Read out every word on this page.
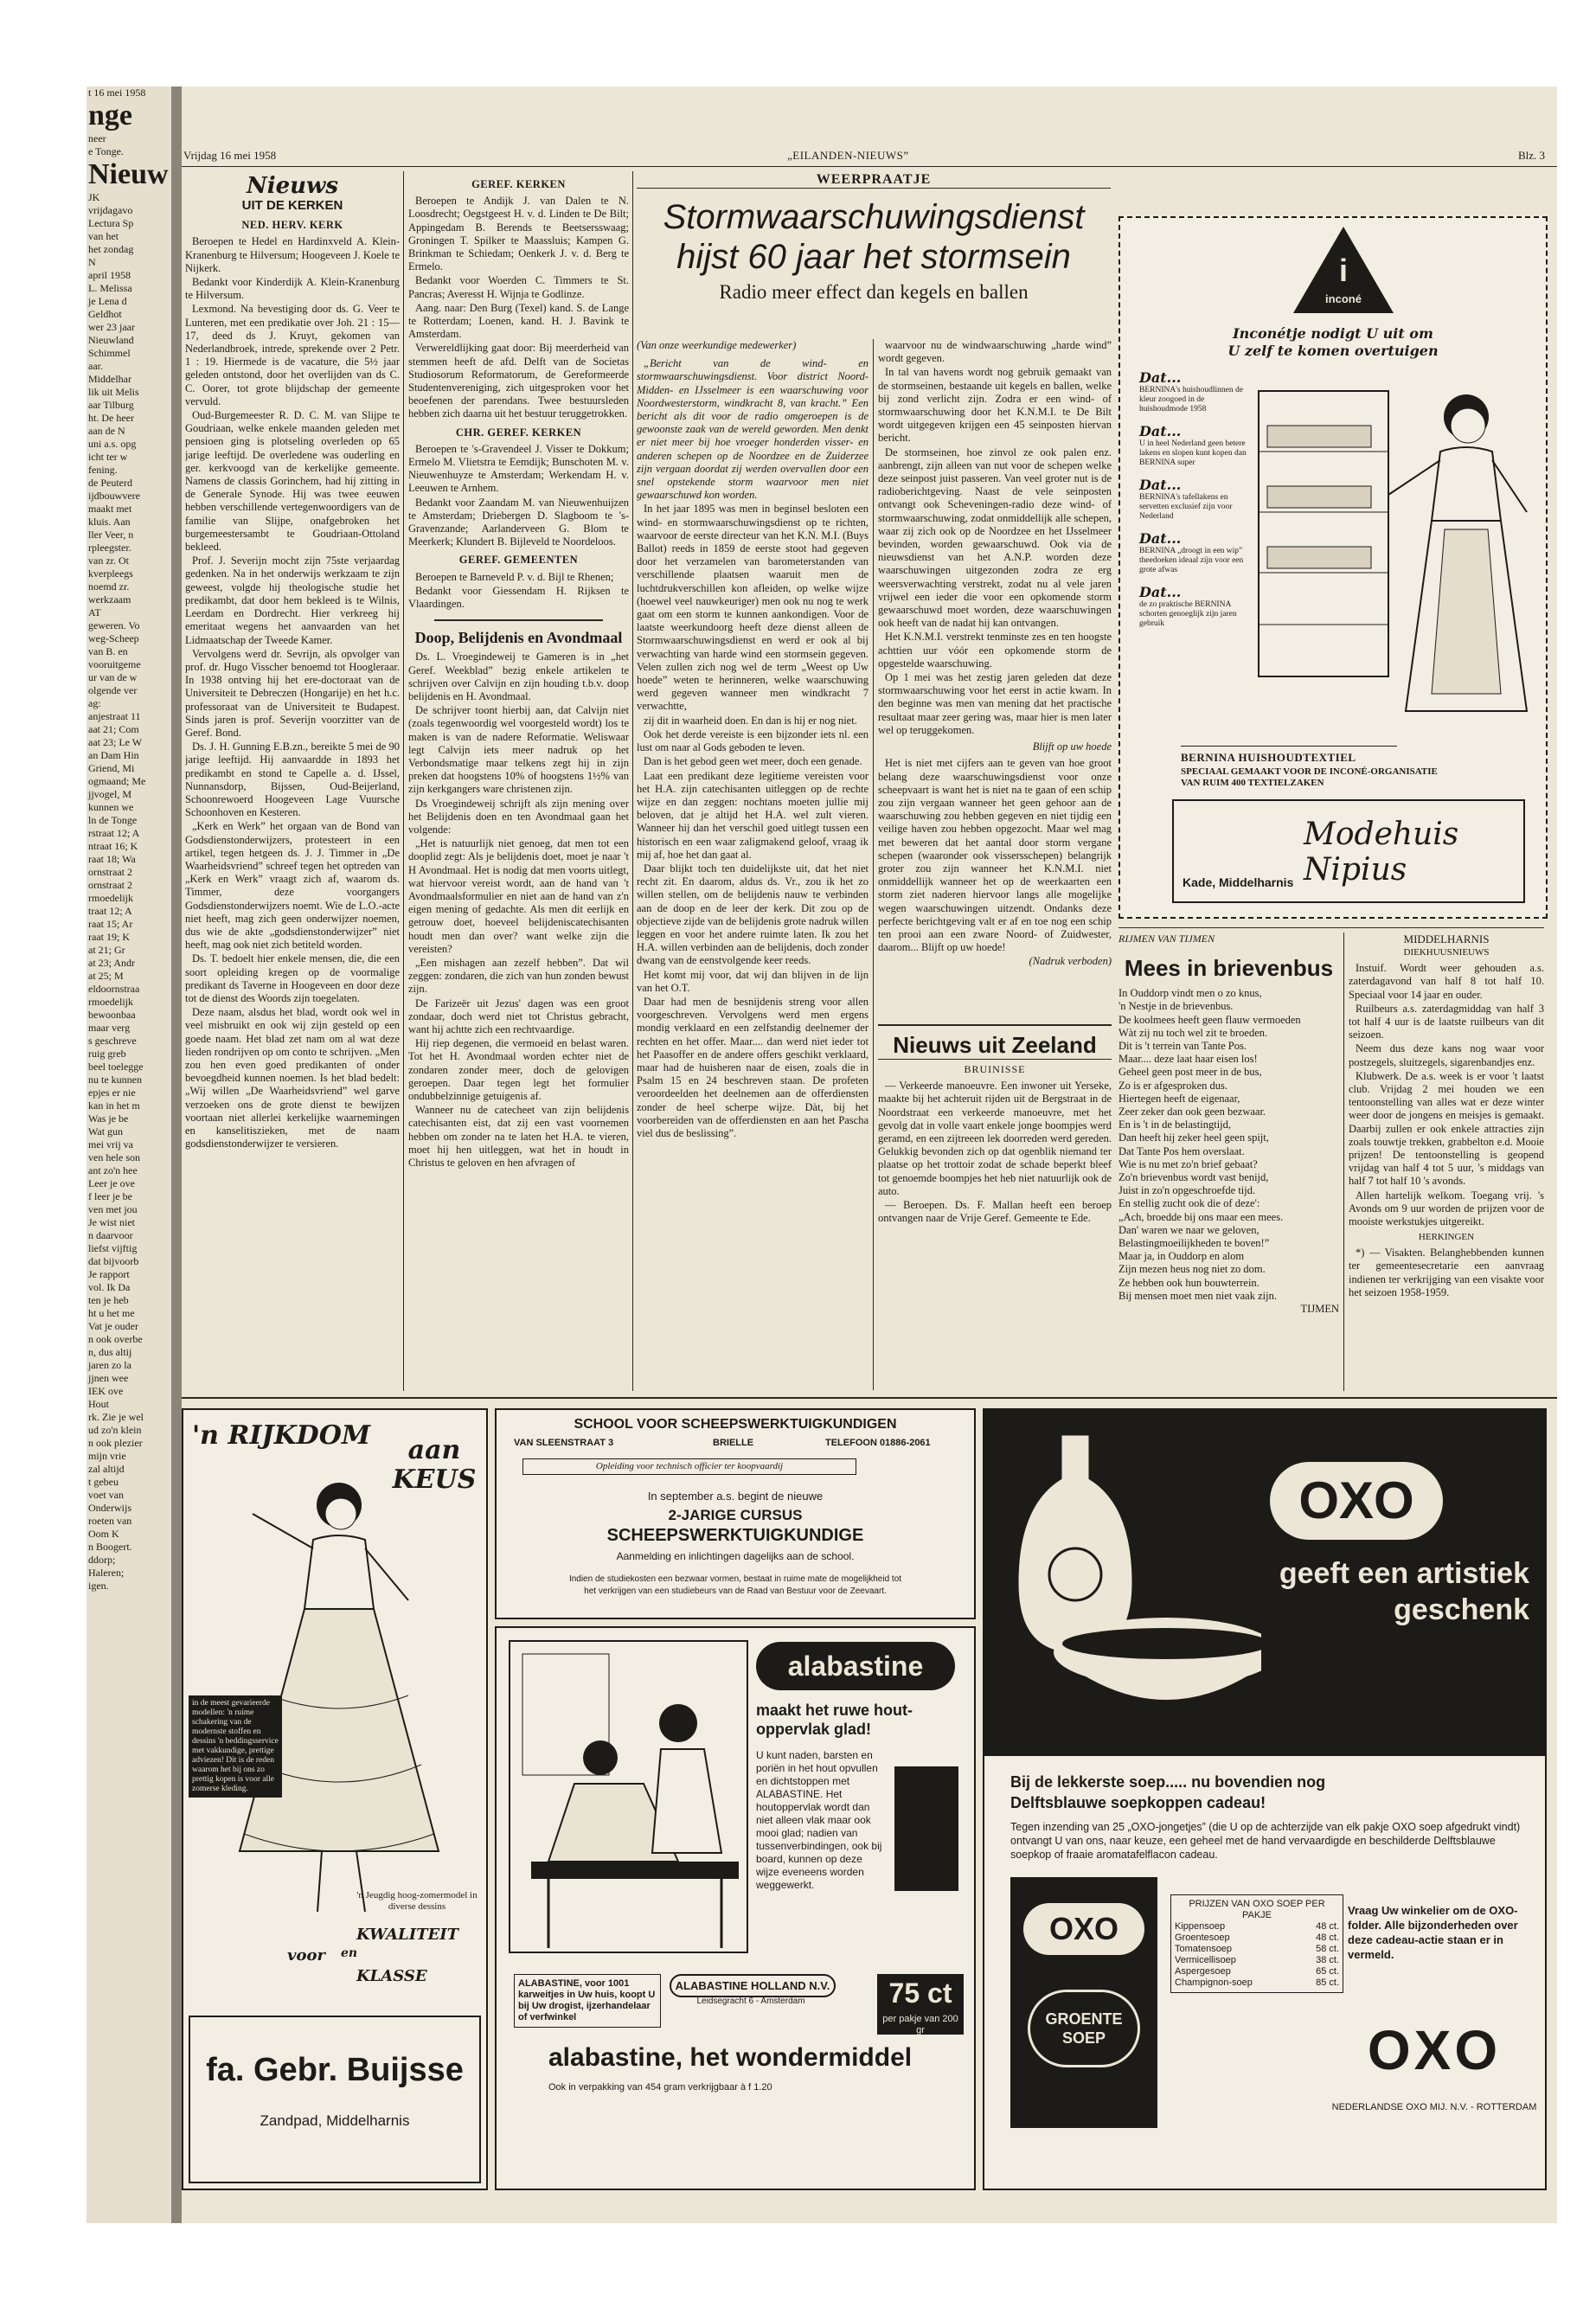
t 16 mei 1958
nge
neer
e Tonge.
Nieuw
JK
vrijdagavo
Lectura Sp
van het
het zondag
N
april 1958
L. Melissa
je Lena d
Geldhot
wer 23 jaar
Nieuwland
Schimmel
aar.
Middelhar
lik uit Melis
aar Tilburg
ht. De heer
aan de N
uni a.s. opg
icht ter w
fening.
de Peuterd
ijdbouwvere
maakt met
kluis. Aan
ller Veer, n
rpleegster.
van zr. Ot
kverpleegs
noemd zr.
werkzaam
AT
geweren. Vo
weg-Scheep
van B. en
vooruitgeme
ur van de w
olgende ver
ag:
anjestraat 11
aat 21; Com
aat 23; Le W
an Dam Hin
Griend, Mi
ogmaand; Me
jjvogel, M
kunnen we
ln de Tonge
rstraat 12; A
ntraat 16; K
raat 18; Wa
ornstraat 2
ornstraat 2
rmoedelijk
traat 12; A
raat 15; Ar
raat 19; K
at 21; Gr
at 23; Andr
at 25; M
eldoornstraa
rmoedelijk
bewoonbaa
maar verg
s geschreve
ruig greb
beel toelegge
nu te kunnen
epjes er nie
kan in het m
Was je be
Wat gun
mei vrij va
ven hele son
ant zo'n hee
Leer je ove
f leer je be
ven met jou
Je wist niet
n daarvoor
liefst vijftig
dat bijvoorb
Je rapport
vol. Ik Da
ten je heb
ht u het me
Vat je ouder
n ook overbe
n, dus altij
jaren zo la
jjnen wee
IEK ove
Hout
rk. Zie je wel
ud zo'n klein
n ook plezier
mijn vrie
zal altijd
t gebeu
voet van
Onderwijs
roeten van
Oom K
n Boogert.
ddorp;
Haleren;
igen.
Vrijdag 16 mei 1958	„EILANDEN-NIEUWS”	Blz. 3
Nieuws
UIT DE KERKEN
NED. HERV. KERK

Beroepen te Hedel en Hardinxveld A. Klein-Kranenburg te Hilversum; Hoogeveen J. Koele te Nijkerk.

Bedankt voor Kinderdijk A. Klein-Kranenburg te Hilversum.

Lexmond. Na bevestiging door ds. G. Veer te Lunteren, met een predikatie over Joh. 21 : 15—17, deed ds J. Kruyt, gekomen van Nederlandbroek, intrede, sprekende over 2 Petr. 1 : 19. Hiermede is de vacature, die 5½ jaar geleden ontstond, door het overlijden van ds C. C. Oorer, tot grote blijdschap der gemeente vervuld.

Oud-Burgemeester R. D. C. M. van Slijpe te Goudriaan, welke enkele maanden geleden met pensioen ging is plotseling overleden op 65 jarige leeftijd. De overledene was ouderling en ger. kerkvoogd van de kerkelijke gemeente. Namens de classis Gorinchem, had hij zitting in de Generale Synode. Hij was twee eeuwen hebben verschillende vertegenwoordigers van de familie van Slijpe, onafgebroken het burgemeestersambt te Goudriaan-Ottoland bekleed.

Prof. J. Severijn mocht zijn 75ste verjaardag gedenken. Na in het onderwijs werkzaam te zijn geweest, volgde hij theologische studie het predikambt, dat door hem bekleed is te Wilnis, Leerdam en Dordrecht. Hier verkreeg hij emeritaat wegens het aanvaarden van het Lidmaatschap der Tweede Kamer.

Vervolgens werd dr. Sevrijn, als opvolger van prof. dr. Hugo Visscher benoemd tot Hoogleraar. In 1938 ontving hij het ere-doctoraat van de Universiteit te Debreczen (Hongarije) en het h.c. professoraat van de Universiteit te Budapest. Sinds jaren is prof. Severijn voorzitter van de Geref. Bond.

Ds. J. H. Gunning E.B.zn., bereikte 5 mei de 90 jarige leeftijd. Hij aanvaardde in 1893 het predikambt en stond te Capelle a. d. IJssel, Nunnansdorp, Bijssen, Oud-Beijerland, Schoonrewoerd Hoogeveen Lage Vuursche Schoonhoven en Kesteren.

„Kerk en Werk” het orgaan van de Bond van Godsdienstonderwijzers, protesteert in een artikel, tegen hetgeen ds. J. J. Timmer in „De Waarheidsvriend” schreef tegen het optreden van „Kerk en Werk” vraagt zich af, waarom ds. Timmer, deze voorgangers Godsdienstonderwijzers noemt. Wie de L.O.-acte niet heeft, mag zich geen onderwijzer noemen, dus wie de akte „godsdienstonderwijzer” niet heeft, mag ook niet zich betiteld worden.

Ds. T. bedoelt hier enkele mensen, die, die een soort opleiding kregen op de voormalige predikant ds Taverne in Hoogeveen en door deze tot de dienst des Woords zijn toegelaten.

Deze naam, alsdus het blad, wordt ook wel in veel misbruikt en ook wij zijn gesteld op een goede naam. Het blad zet nam om al wat deze lieden rondrijven op om conto te schrijven. „Men zou hen even goed predikanten of onder bevoegdheid kunnen noemen. Is het blad bedelt: „Wij willen „De Waarheidsvriend” wel garve verzoeken ons de grote dienst te bewijzen voortaan niet allerlei kerkelijke waarnemingen en kanselitiszieken, met de naam godsdienstonderwijzer te versieren.

GEREF. KERKEN

Beroepen te Andijk J. van Dalen te N. Loosdrecht; Oegstgeest H. v. d. Linden te De Bilt; Appingedam B. Berends te Beetsersswaag; Groningen T. Spilker te Maassluis; Kampen G. Brinkman te Schiedam; Oenkerk J. v. d. Berg te Ermelo.

Bedankt voor Woerden C. Timmers te St. Pancras; Averesst H. Wijnja te Godlinze.

Aang. naar: Den Burg (Texel) kand. S. de Lange te Rotterdam; Loenen, kand. H. J. Bavink te Amsterdam.

Verwereldlijking gaat door: Bij meerderheid van stemmen heeft de afd. Delft van de Societas Studiosorum Reformatorum, de Gereformeerde Studentenvereniging, zich uitgesproken voor het beoefenen der parendans. Twee bestuursleden hebben zich daarna uit het bestuur teruggetrokken.

CHR. GEREF. KERKEN

Beroepen te 's-Gravendeel J. Visser te Dokkum; Ermelo M. Vlietstra te Eemdijk; Bunschoten M. v. Nieuwenhuyze te Amsterdam; Werkendam H. v. Leeuwen te Arnhem.

Bedankt voor Zaandam M. van Nieuwenhuijzen te Amsterdam; Driebergen D. Slagboom te 's-Gravenzande; Aarlanderveen G. Blom te Meerkerk; Klundert B. Bijleveld te Noordeloos.

GEREF. GEMEENTEN

Beroepen te Barneveld P. v. d. Bijl te Rhenen;

Bedankt voor Giessendam H. Rijksen te Vlaardingen.

Doop, Belijdenis en Avondmaal

Ds. L. Vroegindeweij te Gameren is in „het Geref. Weekblad” bezig enkele artikelen te schrijven over Calvijn en zijn houding t.b.v. doop belijdenis en H. Avondmaal.

De schrijver toont hierbij aan, dat Calvijn niet (zoals tegenwoordig wel voorgesteld wordt) los te maken is van de nadere Reformatie. Weliswaar legt Calvijn iets meer nadruk op het Verbondsmatige maar telkens zegt hij in zijn preken dat hoogstens 10% of hoogstens 1½% van zijn kerkgangers ware christenen zijn.

Ds Vroegindeweij schrijft als zijn mening over het Belijdenis doen en ten Avondmaal gaan het volgende:

„Het is natuurlijk niet genoeg, dat men tot een dooplid zegt: Als je belijdenis doet, moet je naar 't H Avondmaal. Het is nodig dat men voorts uitlegt, wat hiervoor vereist wordt, aan de hand van 't Avondmaalsformulier en niet aan de hand van z'n eigen mening of gedachte. Als men dit eerlijk en getrouw doet, hoeveel belijdeniscatechisanten houdt men dan over? want welke zijn die vereisten?

„Een mishagen aan zezelf hebben”. Dat wil zeggen: zondaren, die zich van hun zonden bewust zijn.

De Farizeër uit Jezus' dagen was een groot zondaar, doch werd niet tot Christus gebracht, want hij achtte zich een rechtvaardige.

Hij riep degenen, die vermoeid en belast waren. Tot het H. Avondmaal worden echter niet de zondaren zonder meer, doch de gelovigen geroepen. Daar tegen legt het formulier ondubbelzinnige getuigenis af.

Wanneer nu de catecheet van zijn belijdenis catechisanten eist, dat zij een vast voornemen hebben om zonder na te laten het H.A. te vieren, moet hij hen uitleggen, wat het in houdt in Christus te geloven en hen afvragen of

WEERPRAATJE
Stormwaarschuwingsdienst hijst 60 jaar het stormsein
Radio meer effect dan kegels en ballen
(Van onze weerkundige medewerker)

„Bericht van de wind- en stormwaarschuwingsdienst. Voor district Noord- Midden- en IJsselmeer is een waarschuwing voor Noordwesterstorm, windkracht 8, van kracht.” Een bericht als dit voor de radio omgeroepen is de gewoonste zaak van de wereld geworden. Men denkt er niet meer bij hoe vroeger honderden visser- en anderen schepen op de Noordzee en de Zuiderzee zijn vergaan doordat zij werden overvallen door een snel opstekende storm waarvoor men niet gewaarschuwd kon worden.

In het jaar 1895 was men in beginsel besloten een wind- en stormwaarschuwingsdienst op te richten, waarvoor de eerste directeur van het K.N. M.I. (Buys Ballot) reeds in 1859 de eerste stoot had gegeven door het verzamelen van barometerstanden van verschillende plaatsen waaruit men de luchtdrukverschillen kon afleiden, op welke wijze (hoewel veel nauwkeuriger) men ook nu nog te werk gaat om een storm te kunnen aankondigen. Voor de laatste weerkundoorg heeft deze dienst alleen de Stormwaarschuwingsdienst en werd er ook al bij verwachting van harde wind een stormsein gegeven. Velen zullen zich nog wel de term „Weest op Uw hoede” weten te herinneren, welke waarschuwing werd gegeven wanneer men windkracht 7 verwachtte,

zij dit in waarheid doen. En dan is hij er nog niet.

Ook het derde vereiste is een bijzonder iets nl. een lust om naar al Gods geboden te leven.

Dan is het gebod geen wet meer, doch een genade.

Laat een predikant deze legitieme vereisten voor het H.A. zijn catechisanten uitleggen op de rechte wijze en dan zeggen: nochtans moeten jullie mij beloven, dat je altijd het H.A. wel zult vieren. Wanneer hij dan het verschil goed uitlegt tussen een historisch en een waar zaligmakend geloof, vraag ik mij af, hoe het dan gaat al.

Daar blijkt toch ten duidelijkste uit, dat het niet recht zit. En daarom, aldus ds. Vr., zou ik het zo willen stellen, om de belijdenis nauw te verbinden aan de doop en de leer der kerk. Dit zou op de objectieve zijde van de belijdenis grote nadruk willen leggen en voor het andere ruimte laten. Ik zou het H.A. willen verbinden aan de belijdenis, doch zonder dwang van de eenstvolgende keer reeds.

Het komt mij voor, dat wij dan blijven in de lijn van het O.T.

Daar had men de besnijdenis streng voor allen voorgeschreven. Vervolgens werd men ergens mondig verklaard en een zelfstandig deelnemer der rechten en het offer. Maar.... dan werd niet ieder tot het Paasoffer en de andere offers geschikt verklaard, maar had de huisheren naar de eisen, zoals die in Psalm 15 en 24 beschreven staan. De profeten veroordeelden het deelnemen aan de offerdiensten zonder de heel scherpe wijze. Dàt, bij het voorbereiden van de offerdiensten en aan het Pascha viel dus de beslissing”.

waarvoor nu de windwaarschuwing „harde wind” wordt gegeven.

In tal van havens wordt nog gebruik gemaakt van de stormseinen, bestaande uit kegels en ballen, welke bij zond verlicht zijn. Zodra er een wind- of stormwaarschuwing door het K.N.M.I. te De Bilt wordt uitgegeven krijgen een 45 seinposten hiervan bericht.

De stormseinen, hoe zinvol ze ook palen enz. aanbrengt, zijn alleen van nut voor de schepen welke deze seinpost juist passeren. Van veel groter nut is de radioberichtgeving. Naast de vele seinposten ontvangt ook Scheveningen-radio deze wind- of stormwaarschuwing, zodat onmiddellijk alle schepen, waar zij zich ook op de Noordzee en het IJsselmeer bevinden, worden gewaarschuwd. Ook via de nieuwsdienst van het A.N.P. worden deze waarschuwingen uitgezonden zodra ze erg weersverwachting verstrekt, zodat nu al vele jaren vrijwel een ieder die voor een opkomende storm gewaarschuwd moet worden, deze waarschuwingen ook heeft van de nadat hij kan ontvangen.

Het K.N.M.I. verstrekt tenminste zes en ten hoogste achttien uur vóór een opkomende storm de opgestelde waarschuwing.

Op 1 mei was het zestig jaren geleden dat deze stormwaarschuwing voor het eerst in actie kwam. In den beginne was men van mening dat het practische resultaat maar zeer gering was, maar hier is men later wel op teruggekomen.

Blijft op uw hoede

Het is niet met cijfers aan te geven van hoe groot belang deze waarschuwingsdienst voor onze scheepvaart is want het is niet na te gaan of een schip zou zijn vergaan wanneer het geen gehoor aan de waarschuwing zou hebben gegeven en niet tijdig een veilige haven zou hebben opgezocht. Maar wel mag met beweren dat het aantal door storm vergane schepen (waaronder ook vissersschepen) belangrijk groter zou zijn wanneer het K.N.M.I. niet onmiddellijk wanneer het op de weerkaarten een storm ziet naderen hiervoor langs alle mogelijke wegen waarschuwingen uitzendt. Ondanks deze perfecte berichtgeving valt er af en toe nog een schip ten prooi aan een zware Noord- of Zuidwester, daarom... Blijft op uw hoede!

(Nadruk verboden)
Nieuws uit Zeeland
BRUINISSE

— Verkeerde manoeuvre. Een inwoner uit Yerseke, maakte bij het achteruit rijden uit de Bergstraat in de Noordstraat een verkeerde manoeuvre, met het gevolg dat in volle vaart enkele jonge boompjes werd geramd, en een zijtreeen lek doorreden werd gereden. Gelukkig bevonden zich op dat ogenblik niemand ter plaatse op het trottoir zodat de schade beperkt bleef tot genoemde boompjes het heb niet natuurlijk ook de auto.

— Beroepen. Ds. F. Mallan heeft een beroep ontvangen naar de Vrije Geref. Gemeente te Ede.

i
inconé
Inconétje nodigt U uit om
U zelf te komen overtuigen
Dat...
BERNINA's huishoudlinnen de kleur zoogoed in de huishoudmode 1958
Dat...
U in heel Nederland geen betere lakens en slopen kunt kopen dan BERNINA super
Dat...
BERNINA's tafellakens en servetten exclusief zijn voor Nederland
Dat...
BERNINA „droogt in een wip” theedoeken ideaal zijn voor een grote afwas
Dat...
de zo praktische BERNINA schorten genoeglijk zijn jaren gebruik
BERNINA HUISHOUDTEXTIEL
SPECIAAL GEMAAKT VOOR DE INCONÉ-ORGANISATIE VAN RUIM 400 TEXTIELZAKEN
Modehuis Nipius
Kade, Middelharnis
RIJMEN VAN TIJMEN
Mees in brievenbus
In Ouddorp vindt men o zo knus,
'n Nestje in de brievenbus.
De koolmees heeft geen flauw vermoeden
Wàt zij nu toch wel zit te broeden.
Dit is 't terrein van Tante Pos.
Maar.... deze laat haar eisen los!
Geheel geen post meer in de bus,
Zo is er afgesproken dus.
Hiertegen heeft de eigenaar,
Zeer zeker dan ook geen bezwaar.
En is 't in de belastingtijd,
Dan heeft hij zeker heel geen spijt,
Dat Tante Pos hem overslaat.
Wie is nu met zo'n brief gebaat?
Zo'n brievenbus wordt vast benijd,
Juist in zo'n opgeschroefde tijd.
En stellig zucht ook die of deze':
„Ach, broedde bij ons maar een mees.
Dan' waren we naar we geloven,
Belastingmoeilijkheden te boven!”
Maar ja, in Ouddorp en alom
Zijn mezen heus nog niet zo dom.
Ze hebben ook hun bouwterrein.
Bij mensen moet men niet vaak zijn.
TIJMEN
MIDDELHARNIS
DIEKHUUSNIEUWS

Instuif. Wordt weer gehouden a.s. zaterdagavond van half 8 tot half 10. Speciaal voor 14 jaar en ouder.

Ruilbeurs a.s. zaterdagmiddag van half 3 tot half 4 uur is de laatste ruilbeurs van dit seizoen.

Neem dus deze kans nog waar voor postzegels, sluitzegels, sigarenbandjes enz.

Klubwerk. De a.s. week is er voor 't laatst club. Vrijdag 2 mei houden we een tentoonstelling van alles wat er deze winter weer door de jongens en meisjes is gemaakt. Daarbij zullen er ook enkele attracties zijn zoals touwtje trekken, grabbelton e.d. Mooie prijzen! De tentoonstelling is geopend vrijdag van half 4 tot 5 uur, 's middags van half 7 tot half 10 's avonds.

Allen hartelijk welkom. Toegang vrij. 's Avonds om 9 uur worden de prijzen voor de mooiste werkstukjes uitgereikt.

HERKINGEN

*) — Visakten. Belanghebbenden kunnen ter gemeentesecretarie een aanvraag indienen ter verkrijging van een visakte voor het seizoen 1958-1959.

'n RIJKDOM	aan KEUS
in de meest gevarieerde modellen: 'n ruime schakering van de modernste stoffen en dessins 'n beddingsservice met vakkundige, prettige adviezen! Dit is de reden waarom het bij ons zo prettig kopen is voor alle zomerse kleding.
'n Jeugdig hoog-zomermodel in diverse dessins
voor
KWALITEIT
en
KLASSE
fa. Gebr. Buijsse
Zandpad, Middelharnis
SCHOOL VOOR SCHEEPSWERKTUIGKUNDIGEN
VAN SLEENSTRAAT 3	BRIELLE	TELEFOON 01886-2061
Opleiding voor technisch officier ter koopvaardij
In september a.s. begint de nieuwe
2-JARIGE CURSUS
SCHEEPSWERKTUIGKUNDIGE
Aanmelding en inlichtingen dagelijks aan de school.
Indien de studiekosten een bezwaar vormen, bestaat in ruime mate de mogelijkheid tot
het verkrijgen van een studiebeurs van de Raad van Bestuur voor de Zeevaart.
alabastine
maakt het ruwe hout-oppervlak glad!
U kunt naden, barsten en poriën in het hout opvullen en dichtstoppen met ALABASTINE. Het houtoppervlak wordt dan niet alleen vlak maar ook mooi glad; nadien van tussenverbindingen, ook bij board, kunnen op deze wijze eveneens worden weggewerkt.
ALABASTINE, voor 1001 karweitjes in Uw huis, koopt U bij Uw drogist, ijzerhandelaar of verfwinkel
ALABASTINE HOLLAND N.V.
Leidsegracht 6 - Amsterdam	75 ct
per pakje van 200 gr
alabastine, het wondermiddel
Ook in verpakking van 454 gram verkrijgbaar à f 1.20
OXO
geeft een artistiek
geschenk
Bij de lekkerste soep..... nu bovendien nog
Delftsblauwe soepkoppen cadeau!
Tegen inzending van 25 „OXO-jongetjes” (die U op de achterzijde van elk pakje OXO soep afgedrukt vindt) ontvangt U van ons, naar keuze, een geheel met de hand vervaardigde en beschilderde Delftsblauwe soepkop of fraaie aromatafelflacon cadeau.
OXO
GROENTE SOEP
PRIJZEN VAN OXO SOEP PER PAKJE
Kippensoep	48 ct.
Groentesoep	48 ct.
Tomatensoep	58 ct.
Vermicellisoep	38 ct.
Aspergesoep	65 ct.
Champignon-soep	85 ct.
Vraag Uw winkelier om de OXO-folder. Alle bijzonderheden over deze cadeau-actie staan er in vermeld.
OXO
NEDERLANDSE OXO MIJ. N.V. - ROTTERDAM
